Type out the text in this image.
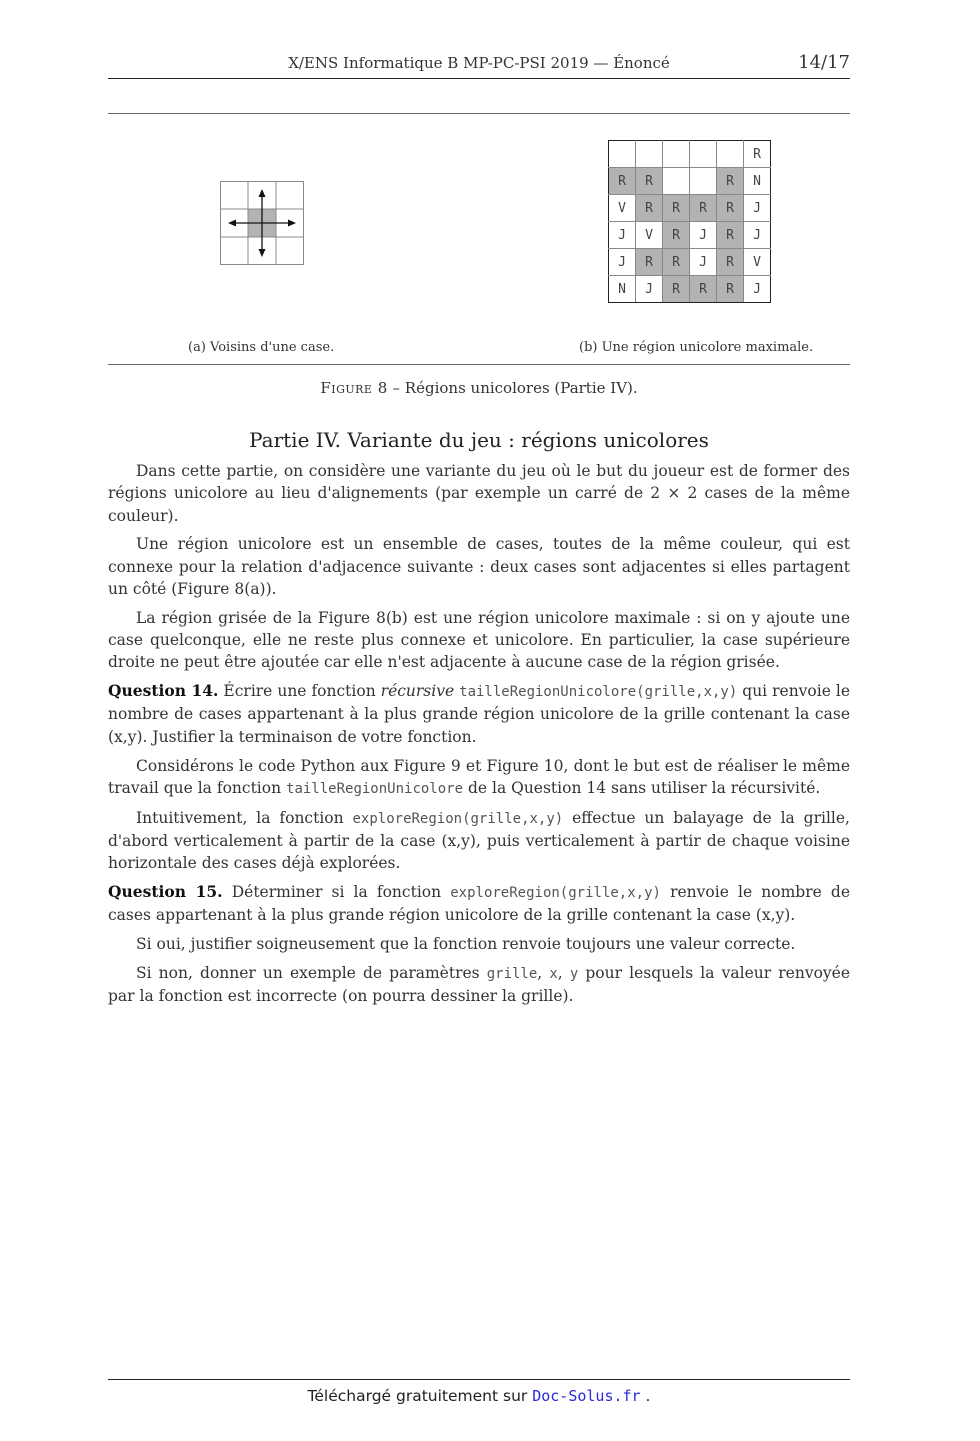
X/ENS Informatique B MP-PC-PSI 2019 — Énoncé	14/17
					R
R	R			R	N
V	R	R	R	R	J
J	V	R	J	R	J
J	R	R	J	R	V
N	J	R	R	R	J
(a) Voisins d'une case.	(b) Une région unicolore maximale.
Figure 8 – Régions unicolores (Partie IV).
Partie IV. Variante du jeu : régions unicolores

Dans cette partie, on considère une variante du jeu où le but du joueur est de former des régions unicolore au lieu d'alignements (par exemple un carré de 2 × 2 cases de la même couleur).

Une région unicolore est un ensemble de cases, toutes de la même couleur, qui est connexe pour la relation d'adjacence suivante : deux cases sont adjacentes si elles partagent un côté (Figure 8(a)).

La région grisée de la Figure 8(b) est une région unicolore maximale : si on y ajoute une case quelconque, elle ne reste plus connexe et unicolore. En particulier, la case supérieure droite ne peut être ajoutée car elle n'est adjacente à aucune case de la région grisée.

Question 14. Écrire une fonction récursive tailleRegionUnicolore(grille,x,y) qui renvoie le nombre de cases appartenant à la plus grande région unicolore de la grille contenant la case (x,y). Justifier la terminaison de votre fonction.

Considérons le code Python aux Figure 9 et Figure 10, dont le but est de réaliser le même travail que la fonction tailleRegionUnicolore de la Question 14 sans utiliser la récursivité.

Intuitivement, la fonction exploreRegion(grille,x,y) effectue un balayage de la grille, d'abord verticalement à partir de la case (x,y), puis verticalement à partir de chaque voisine horizontale des cases déjà explorées.

Question 15. Déterminer si la fonction exploreRegion(grille,x,y) renvoie le nombre de cases appartenant à la plus grande région unicolore de la grille contenant la case (x,y).

Si oui, justifier soigneusement que la fonction renvoie toujours une valeur correcte.

Si non, donner un exemple de paramètres grille, x, y pour lesquels la valeur renvoyée par la fonction est incorrecte (on pourra dessiner la grille).

Téléchargé gratuitement sur Doc-Solus.fr .
